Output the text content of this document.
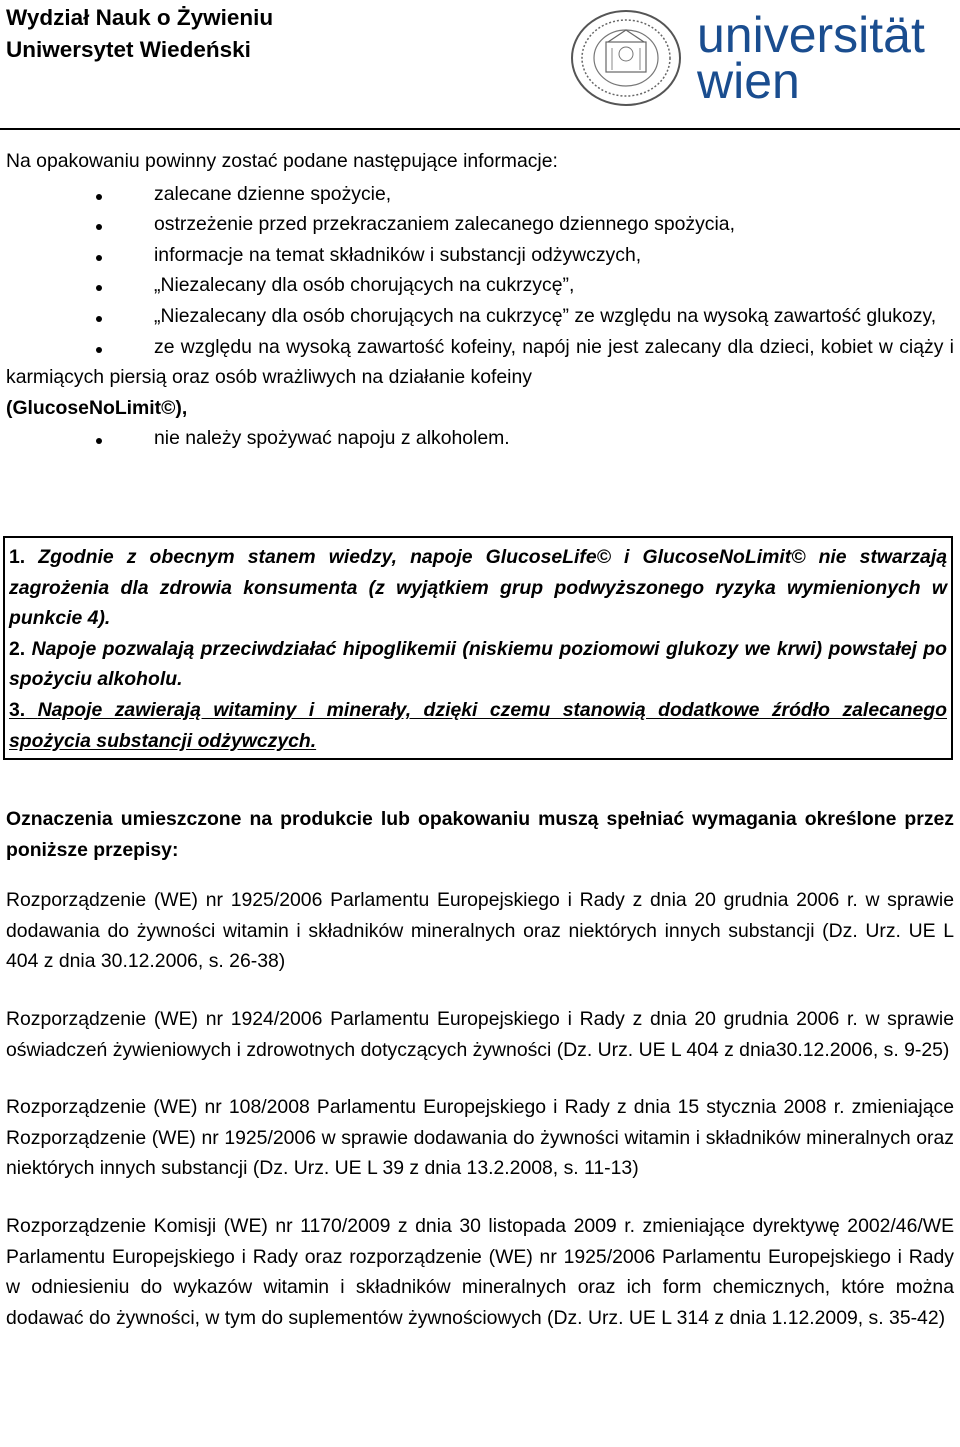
Wydział Nauk o Żywieniu
Uniwersytet Wiedeński	universität
wien

Na opakowaniu powinny zostać podane następujące informacje:

zalecane dzienne spożycie,
ostrzeżenie przed przekraczaniem zalecanego dziennego spożycia,
informacje na temat składników i substancji odżywczych,
„Niezalecany dla osób chorujących na cukrzycę”,
„Niezalecany dla osób chorujących na cukrzycę” ze względu na wysoką zawartość glukozy,
ze względu na wysoką zawartość kofeiny, napój nie jest zalecany dla dzieci, kobiet w ciąży i karmiących piersią oraz osób wrażliwych na działanie kofeiny
(GlucoseNoLimit©),
nie należy spożywać napoju z alkoholem.

1. Zgodnie z obecnym stanem wiedzy, napoje GlucoseLife© i GlucoseNoLimit© nie stwarzają zagrożenia dla zdrowia konsumenta (z wyjątkiem grup podwyższonego ryzyka wymienionych w punkcie 4).

2. Napoje pozwalają przeciwdziałać hipoglikemii (niskiemu poziomowi glukozy we krwi) powstałej po spożyciu alkoholu.

3. Napoje zawierają witaminy i minerały, dzięki czemu stanowią dodatkowe źródło zalecanego spożycia substancji odżywczych.

Oznaczenia umieszczone na produkcie lub opakowaniu muszą spełniać wymagania określone przez poniższe przepisy:

Rozporządzenie (WE) nr 1925/2006 Parlamentu Europejskiego i Rady z dnia 20 grudnia 2006 r. w sprawie dodawania do żywności witamin i składników mineralnych oraz niektórych innych substancji (Dz. Urz. UE L 404 z dnia 30.12.2006, s. 26-38)

Rozporządzenie (WE) nr 1924/2006 Parlamentu Europejskiego i Rady z dnia 20 grudnia 2006 r. w sprawie oświadczeń żywieniowych i zdrowotnych dotyczących żywności (Dz. Urz. UE L 404 z dnia30.12.2006, s. 9-25)

Rozporządzenie (WE) nr 108/2008 Parlamentu Europejskiego i Rady z dnia 15 stycznia 2008 r. zmieniające Rozporządzenie (WE) nr 1925/2006 w sprawie dodawania do żywności witamin i składników mineralnych oraz niektórych innych substancji (Dz. Urz. UE L 39 z dnia 13.2.2008, s. 11-13)

Rozporządzenie Komisji (WE) nr 1170/2009 z dnia 30 listopada 2009 r. zmieniające dyrektywę 2002/46/WE Parlamentu Europejskiego i Rady oraz rozporządzenie (WE) nr 1925/2006 Parlamentu Europejskiego i Rady w odniesieniu do wykazów witamin i składników mineralnych oraz ich form chemicznych, które można dodawać do żywności, w tym do suplementów żywnościowych (Dz. Urz. UE L 314 z dnia 1.12.2009, s. 35-42)
